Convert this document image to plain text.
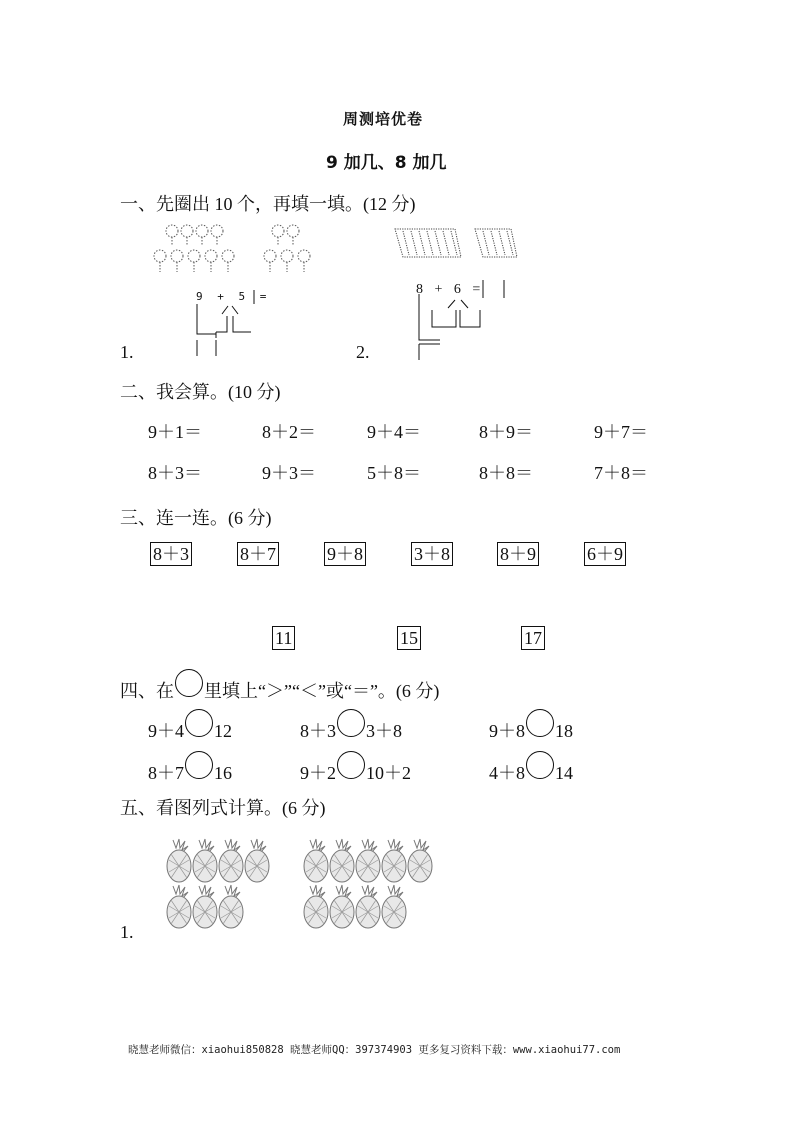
周测培优卷
9 加几、8 加几
一、先圈出 10 个，再填一填。(12 分)
9 + 5 =
1.
8 + 6 =
2.
二、我会算。(10 分)
9＋1＝	8＋2＝	9＋4＝	8＋9＝	9＋7＝
8＋3＝	9＋3＝	5＋8＝	8＋8＝	7＋8＝
三、连一连。(6 分)
8＋3	8＋7	9＋8	3＋8	8＋9	6＋9
11	15	17
四、在 里填上“＞”“＜”或“＝”。(6 分)
9＋4 12	8＋3 3＋8	9＋8 18
8＋7 16	9＋2 10＋2	4＋8 14
五、看图列式计算。(6 分)
1.
晓慧老师微信：xiaohui850828 晓慧老师QQ：397374903 更多复习资料下载：www.xiaohui77.com
